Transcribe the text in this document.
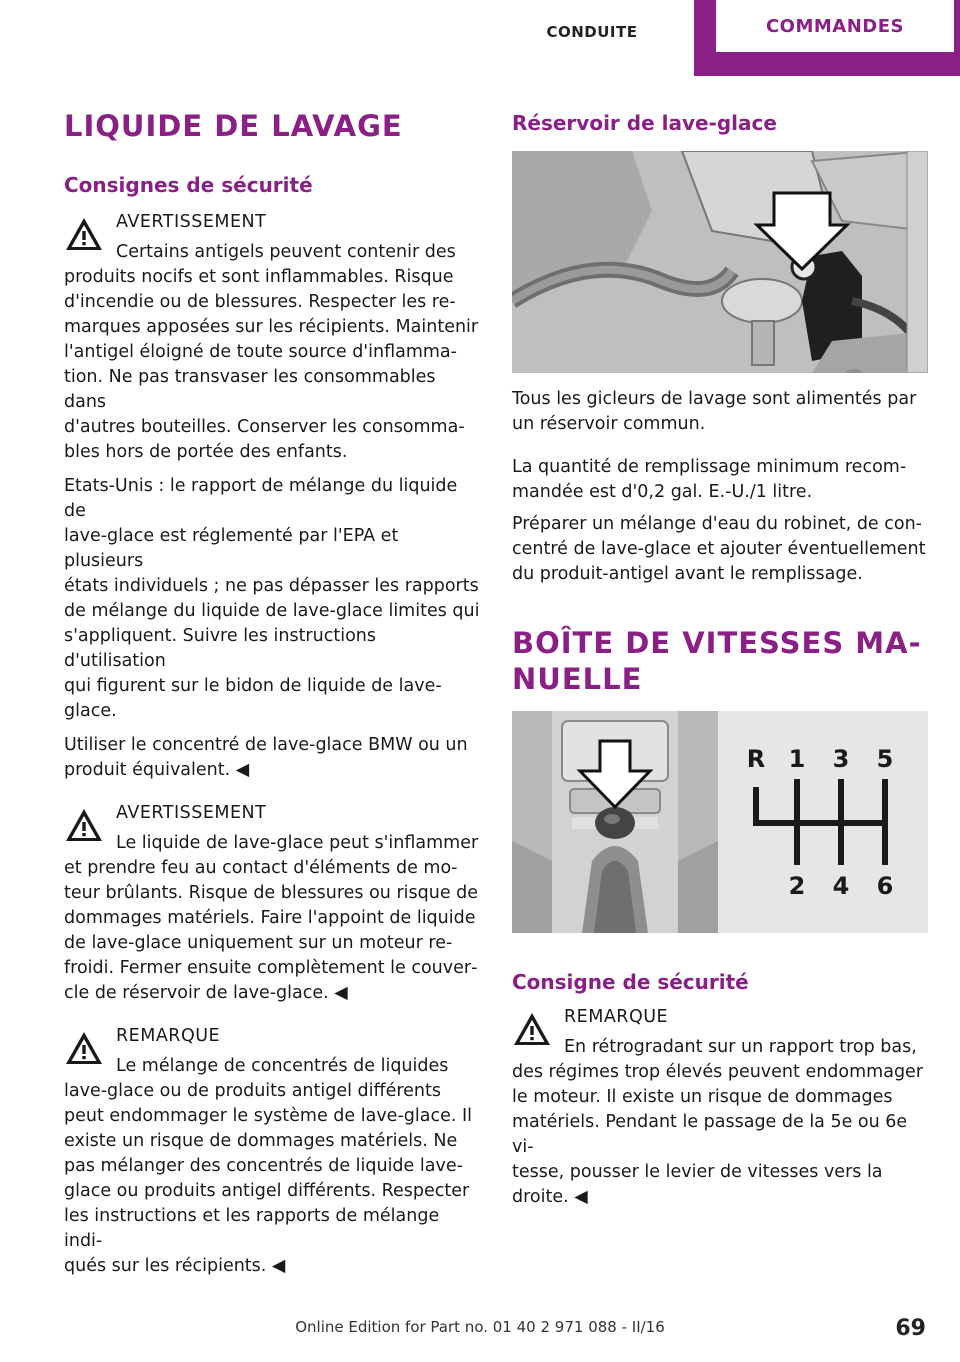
CONDUITE	COMMANDES
LIQUIDE DE LAVAGE
Consignes de sécurité
AVERTISSEMENT

Certains antigels peuvent contenir des

produits nocifs et sont inflammables. Risque

d'incendie ou de blessures. Respecter les re‐

marques apposées sur les récipients. Maintenir

l'antigel éloigné de toute source d'inflamma‐

tion. Ne pas transvaser les consommables dans

d'autres bouteilles. Conserver les consomma‐

bles hors de portée des enfants.

Etats-Unis : le rapport de mélange du liquide de

lave-glace est réglementé par l'EPA et plusieurs

états individuels ; ne pas dépasser les rapports

de mélange du liquide de lave-glace limites qui

s'appliquent. Suivre les instructions d'utilisation

qui figurent sur le bidon de liquide de lave‐

glace.

Utiliser le concentré de lave-glace BMW ou un

produit équivalent. ◀

AVERTISSEMENT

Le liquide de lave-glace peut s'inflammer

et prendre feu au contact d'éléments de mo‐

teur brûlants. Risque de blessures ou risque de

dommages matériels. Faire l'appoint de liquide

de lave-glace uniquement sur un moteur re‐

froidi. Fermer ensuite complètement le couver‐

cle de réservoir de lave-glace. ◀

REMARQUE

Le mélange de concentrés de liquides

lave-glace ou de produits antigel différents

peut endommager le système de lave-glace. Il

existe un risque de dommages matériels. Ne

pas mélanger des concentrés de liquide lave‐

glace ou produits antigel différents. Respecter

les instructions et les rapports de mélange indi‐

qués sur les récipients. ◀

Réservoir de lave-glace

Tous les gicleurs de lavage sont alimentés par

un réservoir commun.

La quantité de remplissage minimum recom‐

mandée est d'0,2 gal. E.-U./1 litre.

Préparer un mélange d'eau du robinet, de con‐

centré de lave-glace et ajouter éventuellement

du produit-antigel avant le remplissage.

BOÎTE DE VITESSES MA‐
NUELLE
R 1 3 5
2 4 6
Consigne de sécurité
REMARQUE

En rétrogradant sur un rapport trop bas,

des régimes trop élevés peuvent endommager

le moteur. Il existe un risque de dommages

matériels. Pendant le passage de la 5e ou 6e vi‐

tesse, pousser le levier de vitesses vers la

droite. ◀

Online Edition for Part no. 01 40 2 971 088 - II/16	69
